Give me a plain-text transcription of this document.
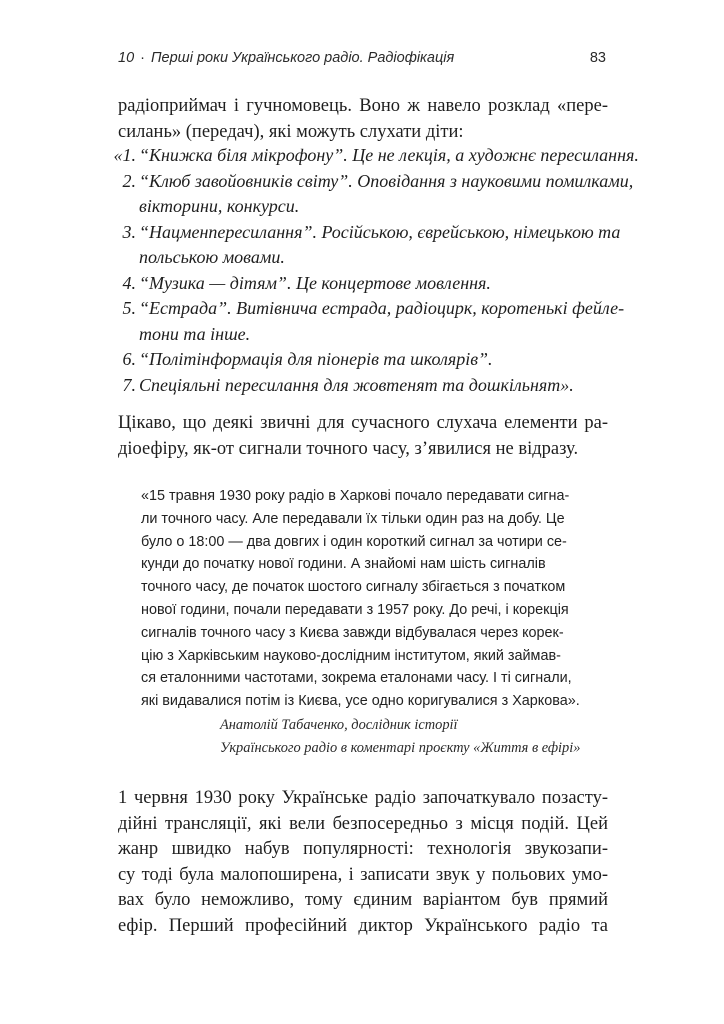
10 · Перші роки Українського радіо. Радіофікація	83
радіоприймач і гучномовець. Воно ж навело розклад «пере-
силань» (передач), які можуть слухати діти:
«1. “Книжка біля мікрофону”. Це не лекція, а художнє пересилання.
2. “Клюб завойовників світу”. Оповідання з науковими помилками,
вікторини, конкурси.
3. “Нацменпересилання”. Російською, єврейською, німецькою та
польською мовами.
4. “Музика — дітям”. Це концертове мовлення.
5. “Естрада”. Витівнича естрада, радіоцирк, коротенькі фейле-
тони та інше.
6. “Політінформація для піонерів та школярів”.
7. Спеціяльні пересилання для жовтенят та дошкільнят».
Цікаво, що деякі звичні для сучасного слухача елементи ра-
діоефіру, як-от сигнали точного часу, з’явилися не відразу.
«15 травня 1930 року радіо в Харкові почало передавати сигна-
ли точного часу. Але передавали їх тільки один раз на добу. Це
було о 18:00 — два довгих і один короткий сигнал за чотири се-
кунди до початку нової години. А знайомі нам шість сигналів
точного часу, де початок шостого сигналу збігається з початком
нової години, почали передавати з 1957 року. До речі, і корекція
сигналів точного часу з Києва завжди відбувалася через корек-
цію з Харківським науково-дослідним інститутом, який займав-
ся еталонними частотами, зокрема еталонами часу. І ті сигнали,
які видавалися потім із Києва, усе одно коригувалися з Харкова».
Анатолій Табаченко, дослідник історії
Українського радіо в коментарі проєкту «Життя в ефірі»
1 червня 1930 року Українське радіо започаткувало позасту-
дійні трансляції, які вели безпосередньо з місця подій. Цей
жанр швидко набув популярності: технологія звукозапи-
су тоді була малопоширена, і записати звук у польових умо-
вах було неможливо, тому єдиним варіантом був прямий
ефір. Перший професійний диктор Українського радіо та
